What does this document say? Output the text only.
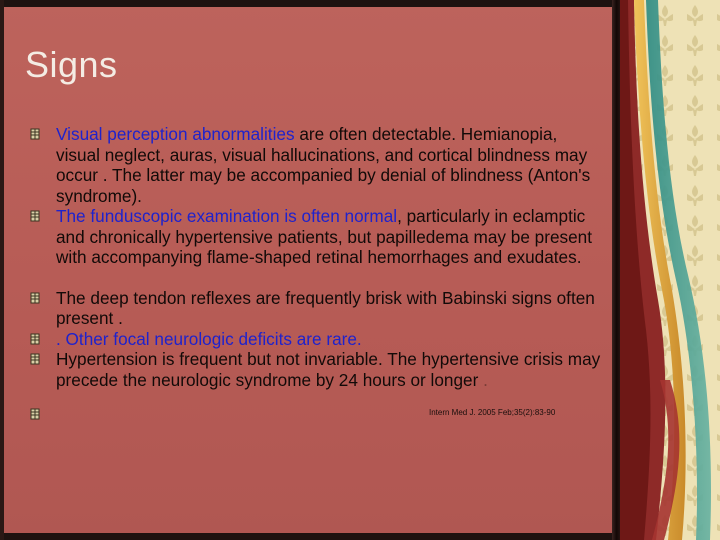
Signs
Visual perception abnormalities are often detectable. Hemianopia, visual neglect, auras, visual hallucinations, and cortical blindness may occur . The latter may be accompanied by denial of blindness (Anton's syndrome).
The funduscopic examination is often normal, particularly in eclamptic and chronically hypertensive patients, but papilledema may be present with accompanying flame-shaped retinal hemorrhages and exudates.
The deep tendon reflexes are frequently brisk with Babinski signs often present .
. Other focal neurologic deficits are rare.
Hypertension is frequent but not invariable. The hypertensive crisis may precede the neurologic syndrome by 24 hours or longer .
Intern Med J. 2005 Feb;35(2):83-90
